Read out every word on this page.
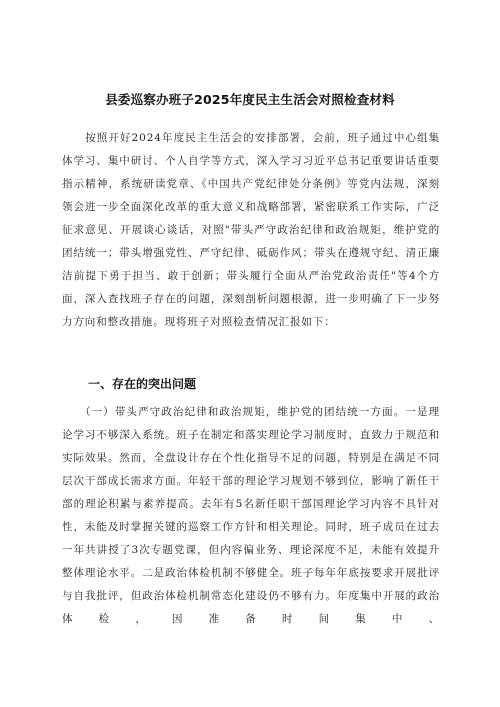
县委巡察办班子2025年度民主生活会对照检查材料

　　按照开好2024年度民主生活会的安排部署，会前，班子通过中心组集体学习、集中研讨、个人自学等方式，深入学习习近平总书记重要讲话重要指示精神，系统研读党章、《中国共产党纪律处分条例》等党内法规，深刻领会进一步全面深化改革的重大意义和战略部署，紧密联系工作实际，广泛征求意见、开展谈心谈话，对照"带头严守政治纪律和政治规矩，维护党的团结统一；带头增强党性、严守纪律、砥砺作风；带头在遵规守纪、清正廉洁前提下勇于担当、敢于创新；带头履行全面从严治党政治责任"等4个方面，深入查找班子存在的问题，深刻剖析问题根源，进一步明确了下一步努力方向和整改措施。现将班子对照检查情况汇报如下：

一、存在的突出问题

　　（一）带头严守政治纪律和政治规矩，维护党的团结统一方面。一是理论学习不够深入系统。班子在制定和落实理论学习制度时，直致力于规范和实际效果。然而，全盘设计存在个性化指导不足的问题，特别是在满足不同层次干部成长需求方面。年轻干部的理论学习规划不够到位，影响了新任干部的理论积累与素养提高。去年有5名新任职干部国理论学习内容不具针对性，未能及时掌握关键的巡察工作方针和相关理论。同时，班子成员在过去一年共讲授了3次专题党课，但内容偏业务、理论深度不足，未能有效提升整体理论水平。二是政治体检机制不够健全。班子每年年底按要求开展批评与自我批评，但政治体检机制常态化建设仍不够有力。年度集中开展的政治体检，因准备时间集中、
